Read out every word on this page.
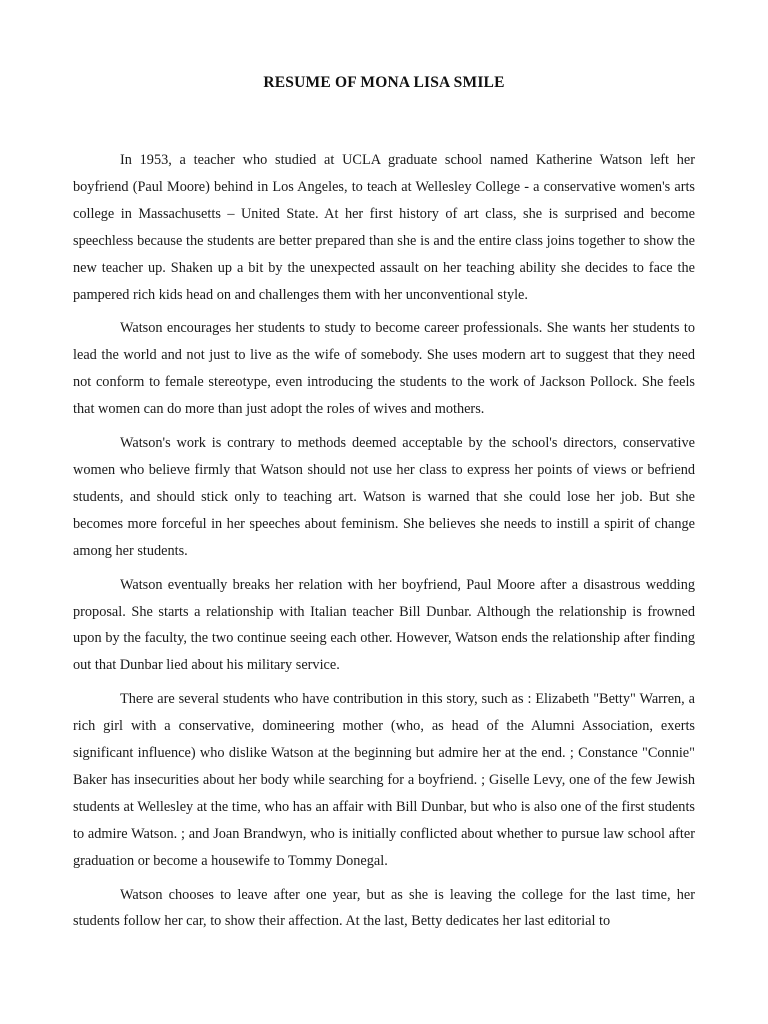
RESUME OF MONA LISA SMILE

In 1953, a teacher who studied at UCLA graduate school named Katherine Watson left her boyfriend (Paul Moore) behind in Los Angeles, to teach at Wellesley College - a conservative women's arts college in Massachusetts – United State. At her first history of art class, she is surprised and become speechless because the students are better prepared than she is and the entire class joins together to show the new teacher up. Shaken up a bit by the unexpected assault on her teaching ability she decides to face the pampered rich kids head on and challenges them with her unconventional style.

Watson encourages her students to study to become career professionals. She wants her students to lead the world and not just to live as the wife of somebody. She uses modern art to suggest that they need not conform to female stereotype, even introducing the students to the work of Jackson Pollock. She feels that women can do more than just adopt the roles of wives and mothers.

Watson's work is contrary to methods deemed acceptable by the school's directors, conservative women who believe firmly that Watson should not use her class to express her points of views or befriend students, and should stick only to teaching art. Watson is warned that she could lose her job. But she becomes more forceful in her speeches about feminism. She believes she needs to instill a spirit of change among her students.

Watson eventually breaks her relation with her boyfriend, Paul Moore after a disastrous wedding proposal. She starts a relationship with Italian teacher Bill Dunbar. Although the relationship is frowned upon by the faculty, the two continue seeing each other. However, Watson ends the relationship after finding out that Dunbar lied about his military service.

There are several students who have contribution in this story, such as : Elizabeth "Betty" Warren, a rich girl with a conservative, domineering mother (who, as head of the Alumni Association, exerts significant influence) who dislike Watson at the beginning but admire her at the end. ; Constance "Connie" Baker has insecurities about her body while searching for a boyfriend. ; Giselle Levy, one of the few Jewish students at Wellesley at the time, who has an affair with Bill Dunbar, but who is also one of the first students to admire Watson. ; and Joan Brandwyn, who is initially conflicted about whether to pursue law school after graduation or become a housewife to Tommy Donegal.

Watson chooses to leave after one year, but as she is leaving the college for the last time, her students follow her car, to show their affection. At the last, Betty dedicates her last editorial to
